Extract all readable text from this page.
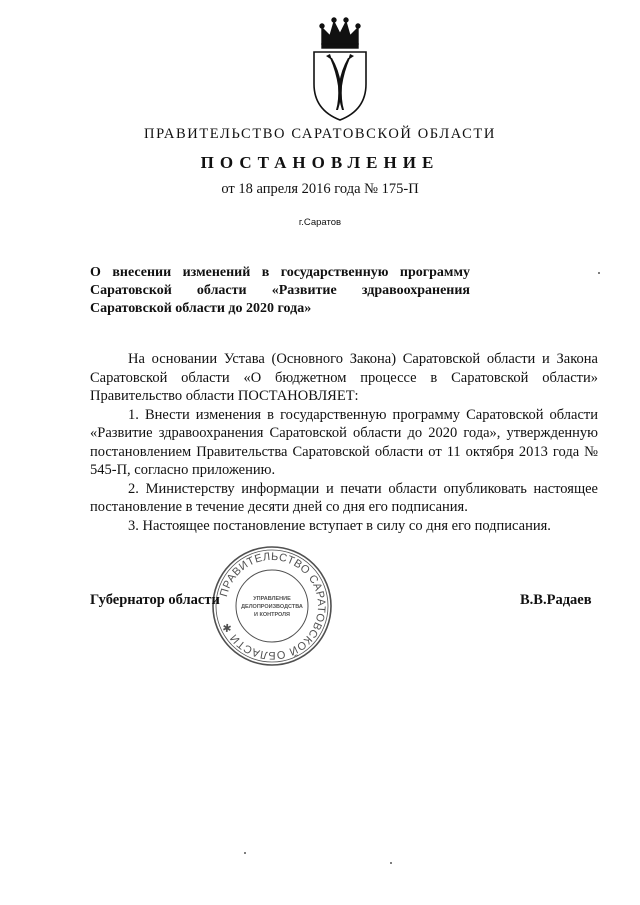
ПРАВИТЕЛЬСТВО САРАТОВСКОЙ ОБЛАСТИ
ПОСТАНОВЛЕНИЕ
от 18 апреля 2016 года № 175-П
г.Саратов
О внесении изменений в государственную программу
Саратовской области «Развитие здравоохранения
Саратовской области до 2020 года»

На основании Устава (Основного Закона) Саратовской области и Закона Саратовской области «О бюджетном процессе в Саратовской области» Правительство области ПОСТАНОВЛЯЕТ:

1. Внести изменения в государственную программу Саратовской области «Развитие здравоохранения Саратовской области до 2020 года», утвержденную постановлением Правительства Саратовской области от 11 октября 2013 года № 545-П, согласно приложению.

2. Министерству информации и печати области опубликовать настоящее постановление в течение десяти дней со дня его подписания.

3. Настоящее постановление вступает в силу со дня его подписания.

ПРАВИТЕЛЬСТВО САРАТОВСКОЙ ОБЛАСТИ ✱
УПРАВЛЕНИЕ
ДЕЛОПРОИЗВОДСТВА
И КОНТРОЛЯ
Губернатор области	В.В.Радаев
